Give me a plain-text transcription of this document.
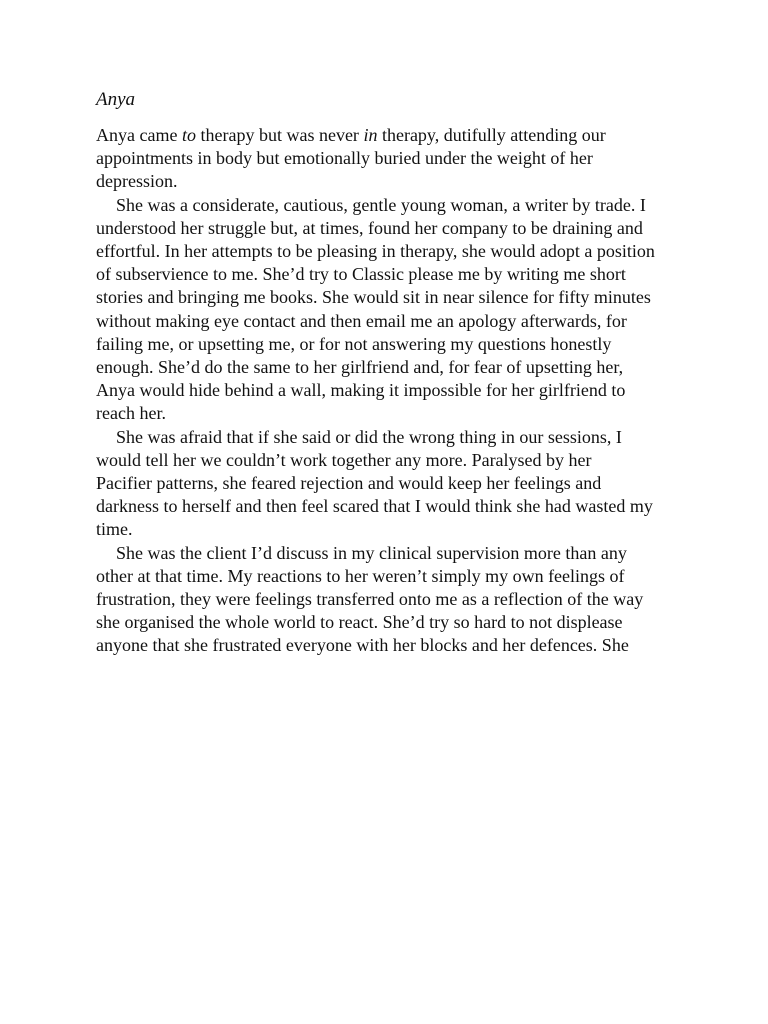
Anya
Anya came to therapy but was never in therapy, dutifully attending our
appointments in body but emotionally buried under the weight of her
depression.
She was a considerate, cautious, gentle young woman, a writer by trade. I
understood her struggle but, at times, found her company to be draining and
effortful. In her attempts to be pleasing in therapy, she would adopt a position
of subservience to me. She’d try to Classic please me by writing me short
stories and bringing me books. She would sit in near silence for fifty minutes
without making eye contact and then email me an apology afterwards, for
failing me, or upsetting me, or for not answering my questions honestly
enough. She’d do the same to her girlfriend and, for fear of upsetting her,
Anya would hide behind a wall, making it impossible for her girlfriend to
reach her.
She was afraid that if she said or did the wrong thing in our sessions, I
would tell her we couldn’t work together any more. Paralysed by her
Pacifier patterns, she feared rejection and would keep her feelings and
darkness to herself and then feel scared that I would think she had wasted my
time.
She was the client I’d discuss in my clinical supervision more than any
other at that time. My reactions to her weren’t simply my own feelings of
frustration, they were feelings transferred onto me as a reflection of the way
she organised the whole world to react. She’d try so hard to not displease
anyone that she frustrated everyone with her blocks and her defences. She
